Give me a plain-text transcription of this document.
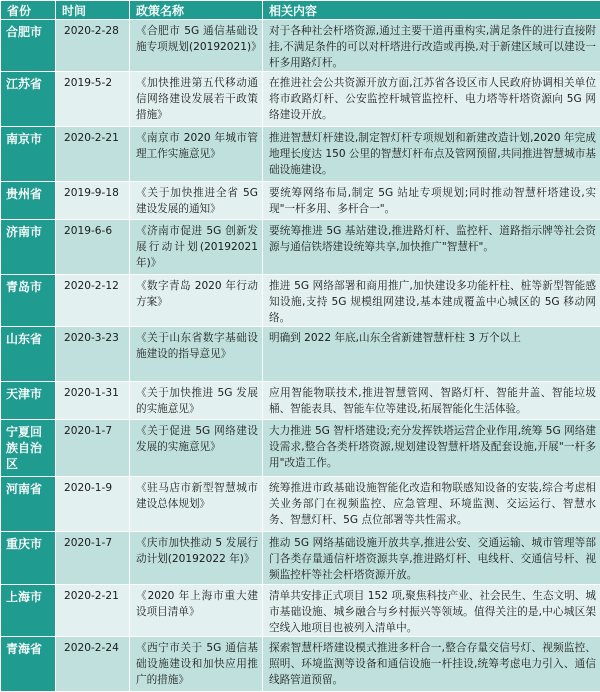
省份	时间	政策名称	相关内容
合肥市	2020-2-28	《合肥市 5G 通信基础设施专项规划(20192021)》	对于各种社会杆塔资源,通过主要干道再重构实,满足条件的进行直接附挂,不满足条件的可以对杆塔进行改造或再换,对于新建区域可以建设一杆多用路灯杆。
江苏省	2019-5-2	《加快推进第五代移动通信网络建设发展若干政策措施》	在推进社会公共资源开放方面,江苏省各设区市人民政府协调相关单位将市政路灯杆、公安监控杆城管监控杆、电力塔等杆塔资源向 5G 网络建设开放。
南京市	2020-2-21	《南京市 2020 年城市管理工作实施意见》	推进智慧灯杆建设,制定智灯杆专项规划和新建改造计划,2020 年完成地理长度达 150 公里的智慧灯杆布点及管网预留,共同推进智慧城市基础设施建设。
贵州省	2019-9-18	《关于加快推进全省 5G 建设发展的通知》	要统筹网络布局,制定 5G 站址专项规划;同时推动智慧杆塔建设,实现"一杆多用、多杆合一"。
济南市	2019-6-6	《济南市促进 5G 创新发展行动计划(20192021 年)》	要统筹推进 5G 基站建设,推进路灯杆、监控杆、道路指示牌等社会资源与通信铁塔建设统筹共享,加快推广"智慧杆"。
青岛市	2020-2-12	《数字青岛 2020 年行动方案》	推进 5G 网络部署和商用推广,加快建设多功能杆柱、桩等新型智能感知设施,支持 5G 规模组网建设,基本建成覆盖中心城区的 5G 移动网络。
山东省	2020-3-23	《关于山东省数字基础设施建设的指导意见》	明确到 2022 年底,山东全省新建智慧杆柱 3 万个以上
天津市	2020-1-31	《关于加快推进 5G 发展的实施意见》	应用智能物联技术,推进智慧管网、智路灯杆、智能井盖、智能垃圾桶、智能表具、智能车位等建设,拓展智能化生活体验。
宁夏回族自治区	2020-1-7	《关于促进 5G 网络建设发展的实施意见》	大力推进 5G 智杆塔建设;充分发挥铁塔运营企业作用,统筹 5G 网络建设需求,整合各类杆塔资源,规划建设智慧杆塔及配套设施,开展"一杆多用"改造工作。
河南省	2020-1-9	《驻马店市新型智慧城市建设总体规划》	统筹推进市政基础设施智能化改造和物联感知设备的安装,综合考虑相关业务部门在视频监控、应急管理、环境监测、交运运行、智慧水务、智慧灯杆、5G 点位部署等共性需求。
重庆市	2020-1-7	《庆市加快推动 5 发展行动计划(20192022 年)》	推动 5G 网络基础设施开放共享,推进公安、交通运输、城市管理等部门各类存量通信杆塔资源共享,推进路灯杆、电线杆、交通信号杆、视频监控杆等社会杆塔资源开放。
上海市	2020-2-21	《2020 年上海市重大建设项目清单》	清单共安排正式项目 152 项,聚焦科技产业、社会民生、生态文明、城市基础设施、城乡融合与乡村振兴等领域。值得关注的是,中心城区架空线入地项目也被列入清单中。
青海省	2020-2-24	《西宁市关于 5G 通信基础设施建设和加快应用推广的措施》	探索智慧杆塔建设模式推进多杆合一,整合存量交信号灯、视频监控、照明、环境监测等设备和通信设施一杆挂设,统筹考虑电力引入、通信线路管道预留。
